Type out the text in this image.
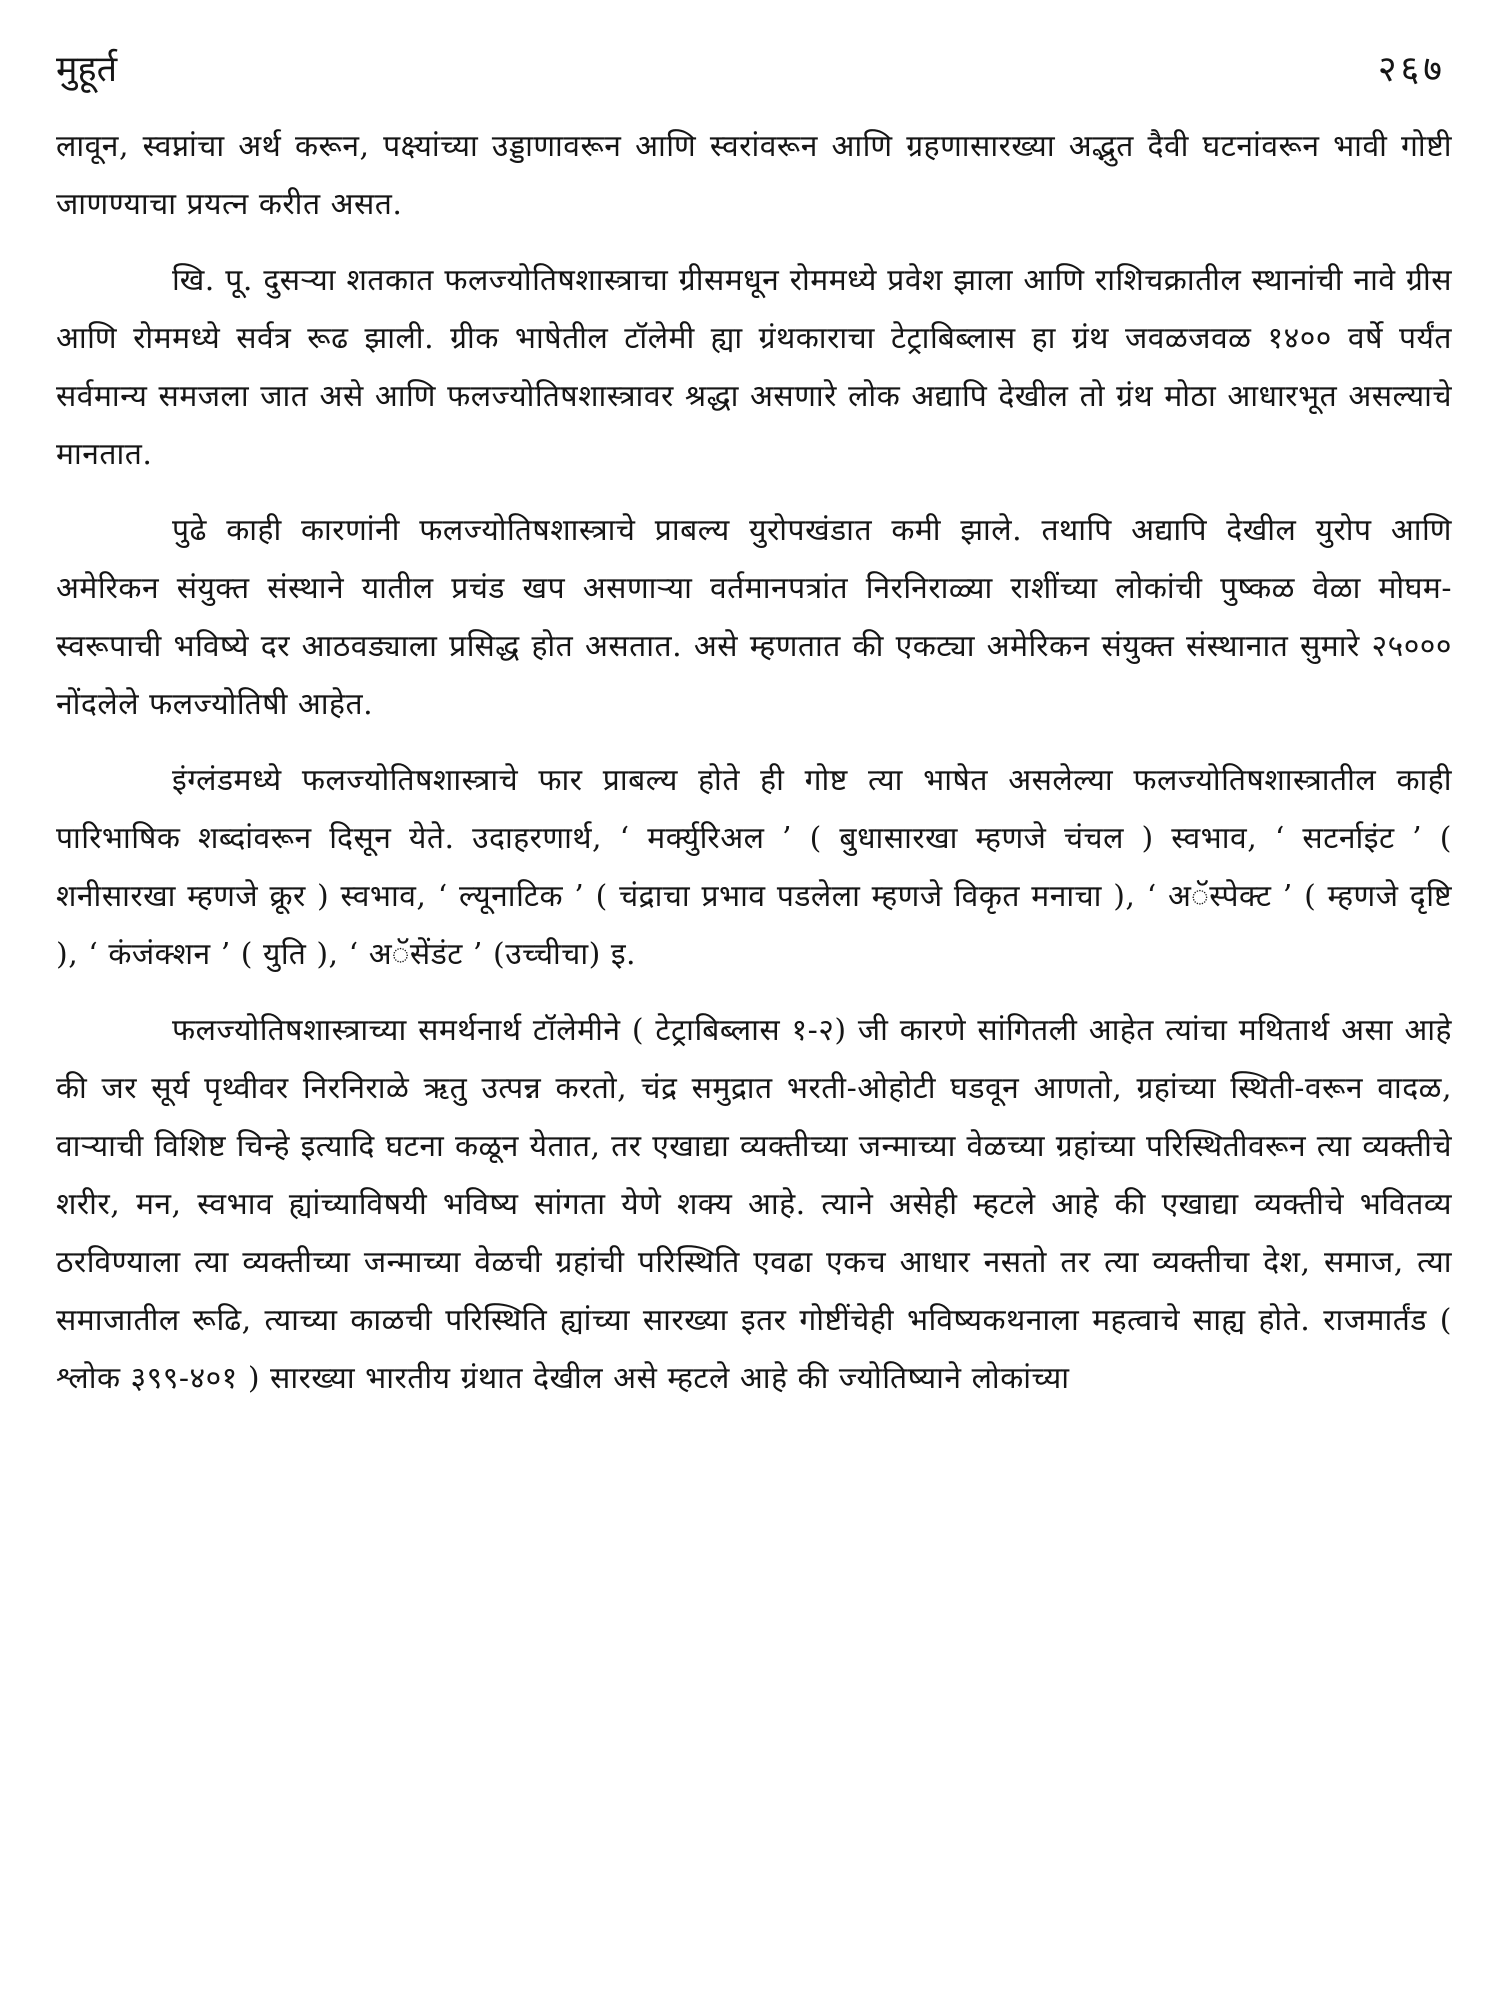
मुहूर्त	२६७

लावून, स्वप्नांचा अर्थ करून, पक्ष्यांच्या उड्डाणावरून आणि स्वरांवरून आणि ग्रहणासारख्या अद्भुत दैवी घटनांवरून भावी गोष्टी जाणण्याचा प्रयत्न करीत असत.

खि. पू. दुसऱ्या शतकात फलज्योतिषशास्त्राचा ग्रीसमधून रोममध्ये प्रवेश झाला आणि राशिचक्रातील स्थानांची नावे ग्रीस आणि रोममध्ये सर्वत्र रूढ झाली. ग्रीक भाषेतील टॉलेमी ह्या ग्रंथकाराचा टेट्राबिब्लास हा ग्रंथ जवळजवळ १४०० वर्षे पर्यंत सर्वमान्य समजला जात असे आणि फलज्योतिषशास्त्रावर श्रद्धा असणारे लोक अद्यापि देखील तो ग्रंथ मोठा आधारभूत असल्याचे मानतात.

पुढे काही कारणांनी फलज्योतिषशास्त्राचे प्राबल्य युरोपखंडात कमी झाले. तथापि अद्यापि देखील युरोप आणि अमेरिकन संयुक्त संस्थाने यातील प्रचंड खप असणाऱ्या वर्तमानपत्रांत निरनिराळ्या राशींच्या लोकांची पुष्कळ वेळा मोघम-स्वरूपाची भविष्ये दर आठवड्याला प्रसिद्ध होत असतात. असे म्हणतात की एकट्या अमेरिकन संयुक्त संस्थानात सुमारे २५००० नोंदलेले फलज्योतिषी आहेत.

इंग्लंडमध्ये फलज्योतिषशास्त्राचे फार प्राबल्य होते ही गोष्ट त्या भाषेत असलेल्या फलज्योतिषशास्त्रातील काही पारिभाषिक शब्दांवरून दिसून येते. उदाहरणार्थ, ‘ मर्क्युरिअल ’ ( बुधासारखा म्हणजे चंचल ) स्वभाव, ‘ सटर्नाइंट ’ ( शनीसारखा म्हणजे क्रूर ) स्वभाव, ‘ ल्यूनाटिक ’ ( चंद्राचा प्रभाव पडलेला म्हणजे विकृत मनाचा ), ‘ अॅस्पेक्ट ’ ( म्हणजे दृष्टि ), ‘ कंजंक्शन ’ ( युति ), ‘ अॅसेंडंट ’ (उच्चीचा) इ.

फलज्योतिषशास्त्राच्या समर्थनार्थ टॉलेमीने ( टेट्राबिब्लास १-२) जी कारणे सांगितली आहेत त्यांचा मथितार्थ असा आहे की जर सूर्य पृथ्वीवर निरनिराळे ऋतु उत्पन्न करतो, चंद्र समुद्रात भरती-ओहोटी घडवून आणतो, ग्रहांच्या स्थिती-वरून वादळ, वाऱ्याची विशिष्ट चिन्हे इत्यादि घटना कळून येतात, तर एखाद्या व्यक्तीच्या जन्माच्या वेळच्या ग्रहांच्या परिस्थितीवरून त्या व्यक्तीचे शरीर, मन, स्वभाव ह्यांच्याविषयी भविष्य सांगता येणे शक्य आहे. त्याने असेही म्हटले आहे की एखाद्या व्यक्तीचे भवितव्य ठरविण्याला त्या व्यक्तीच्या जन्माच्या वेळची ग्रहांची परिस्थिति एवढा एकच आधार नसतो तर त्या व्यक्तीचा देश, समाज, त्या समाजातील रूढि, त्याच्या काळची परिस्थिति ह्यांच्या सारख्या इतर गोष्टींचेही भविष्यकथनाला महत्वाचे साह्य होते. राजमार्तंड ( श्लोक ३९९-४०१ ) सारख्या भारतीय ग्रंथात देखील असे म्हटले आहे की ज्योतिष्याने लोकांच्या
